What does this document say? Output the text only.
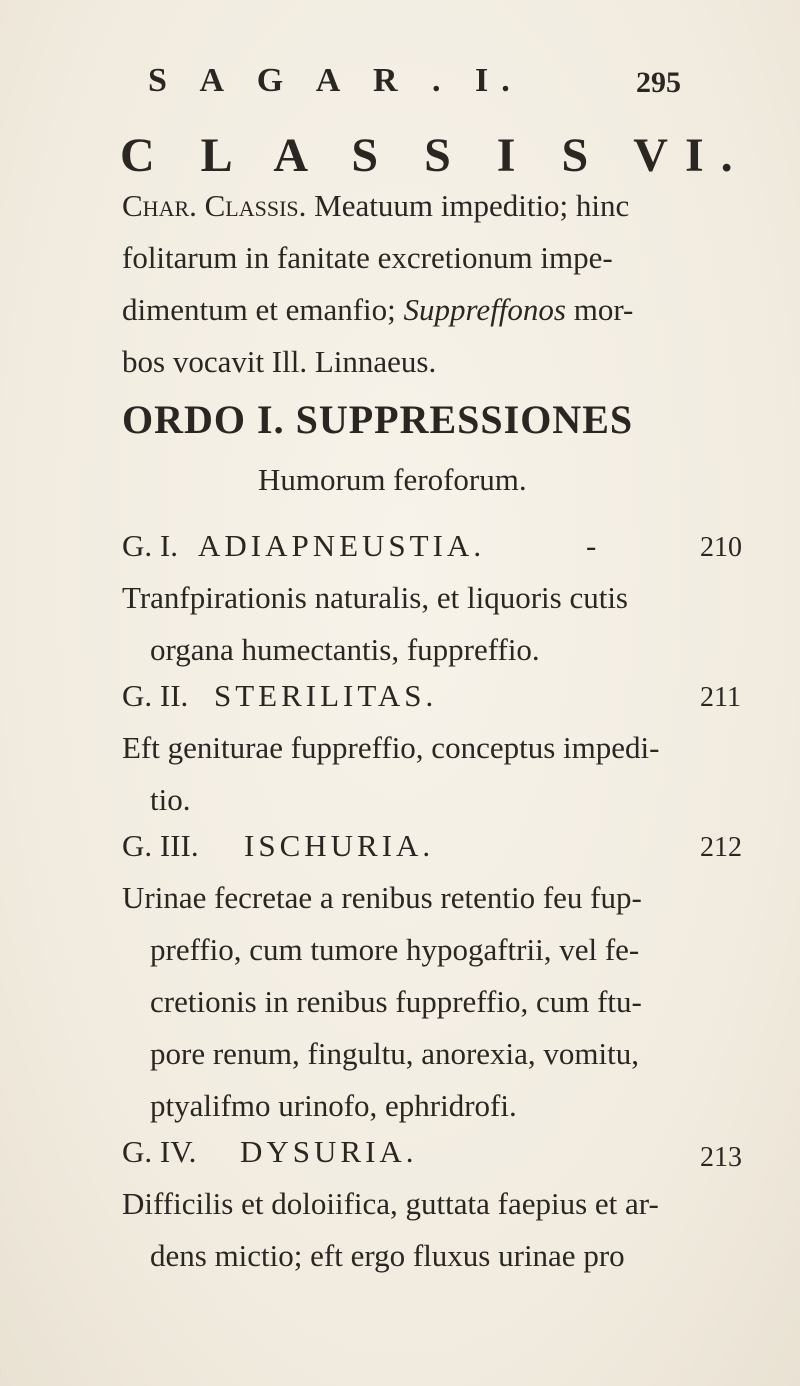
S A G A R . I.	295
C L A S S I S VI.
Char. Classis. Meatuum impeditio; hinc
folitarum in fanitate excretionum impe-
dimentum et emanfio; Suppreffonos mor-
ORDO I. SUPPRESSIONES
Humorum feroforum.
G. I. ADIAPNEUSTIA.	-	210
Tranfpirationis naturalis, et liquoris cutis
organa humectantis, fuppreffio.
G. II. STERILITAS.	211
Eft geniturae fuppreffio, conceptus impedi-
tio.
G. III. ISCHURIA.	212
Urinae fecretae a renibus retentio feu fup-
preffio, cum tumore hypogaftrii, vel fe-
cretionis in renibus fuppreffio, cum ftu-
pore renum, fingultu, anorexia, vomitu,
ptyalifmo urinofo, ephridrofi.
G. IV. DYSURIA.	213
Difficilis et doloiifica, guttata faepius et ar-
dens mictio; eft ergo fluxus urinae pro
bos vocavit Ill. Linnaeus.
